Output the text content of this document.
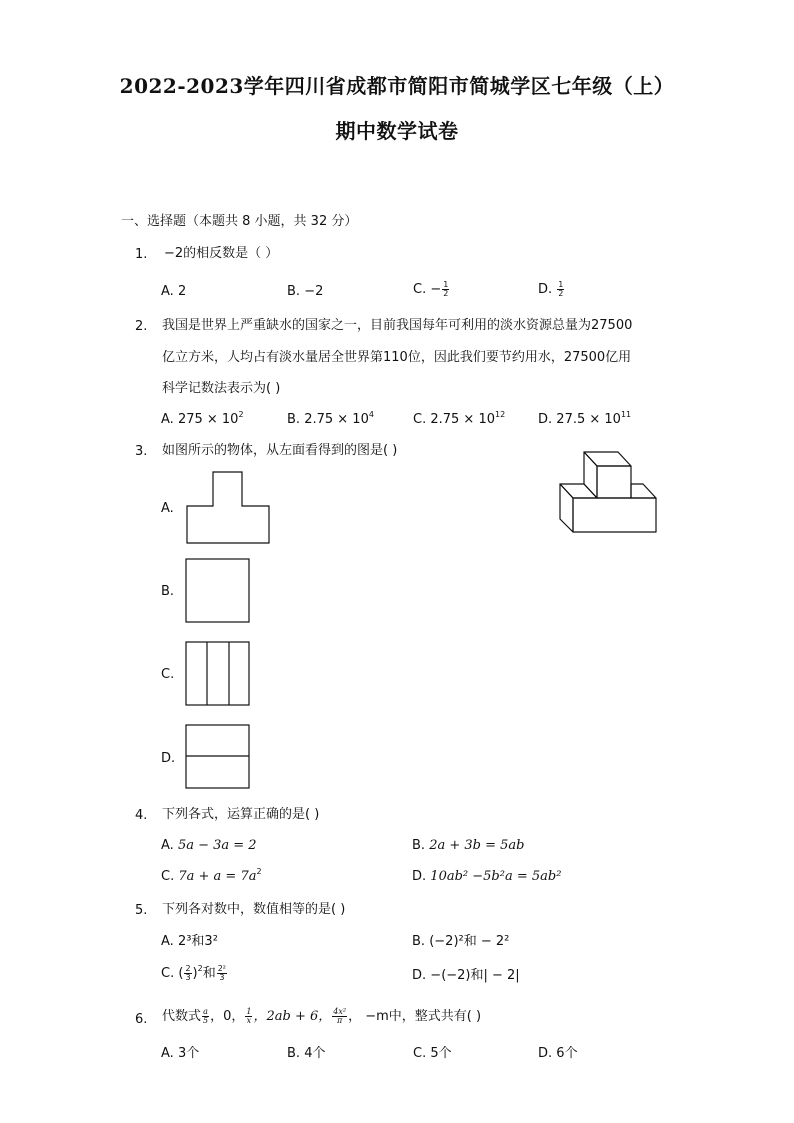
2022-2023学年四川省成都市简阳市简城学区七年级（上）
期中数学试卷
一、选择题（本题共 8 小题，共 32 分）
1. −2的相反数是（ ）
A. 2	B. −2	C. − $\frac{1}{2}$	D. $\frac{1}{2}$
2. 我国是世界上严重缺水的国家之一，目前我国每年可利用的淡水资源总量为27500
亿立方米，人均占有淡水量居全世界第110位，因此我们要节约用水，27500亿用
科学记数法表示为( )
A. $275 \times 10^2$	B. $2.75 \times 10^4$	C. $2.75 \times 10^{12}$	D. $27.5 \times 10^{11}$
3. 如图所示的物体，从左面看得到的图是( )
A.
B.
C.
D.
4. 下列各式，运算正确的是( )
A. 5a − 3a = 2	B. 2a + 3b = 5ab
C. $7a + a = 7a^2$	D. 10ab² −5b²a = 5ab²
5. 下列各对数中，数值相等的是( )
A. 2³和3²	B. (−2)²和 − 2²
C. ( $\frac{2}{3} )^2$和 $\frac{\text{2²}}{3}$	D. −(−2)和| − 2|
6. 代数式 $\frac{a}{5}$ ，0， $\frac{1}{x}$ ，2ab + 6， $\frac{\text{4x²}}{\pi}$ ， −m中，整式共有( )
A. 3个	B. 4个	C. 5个	D. 6个
